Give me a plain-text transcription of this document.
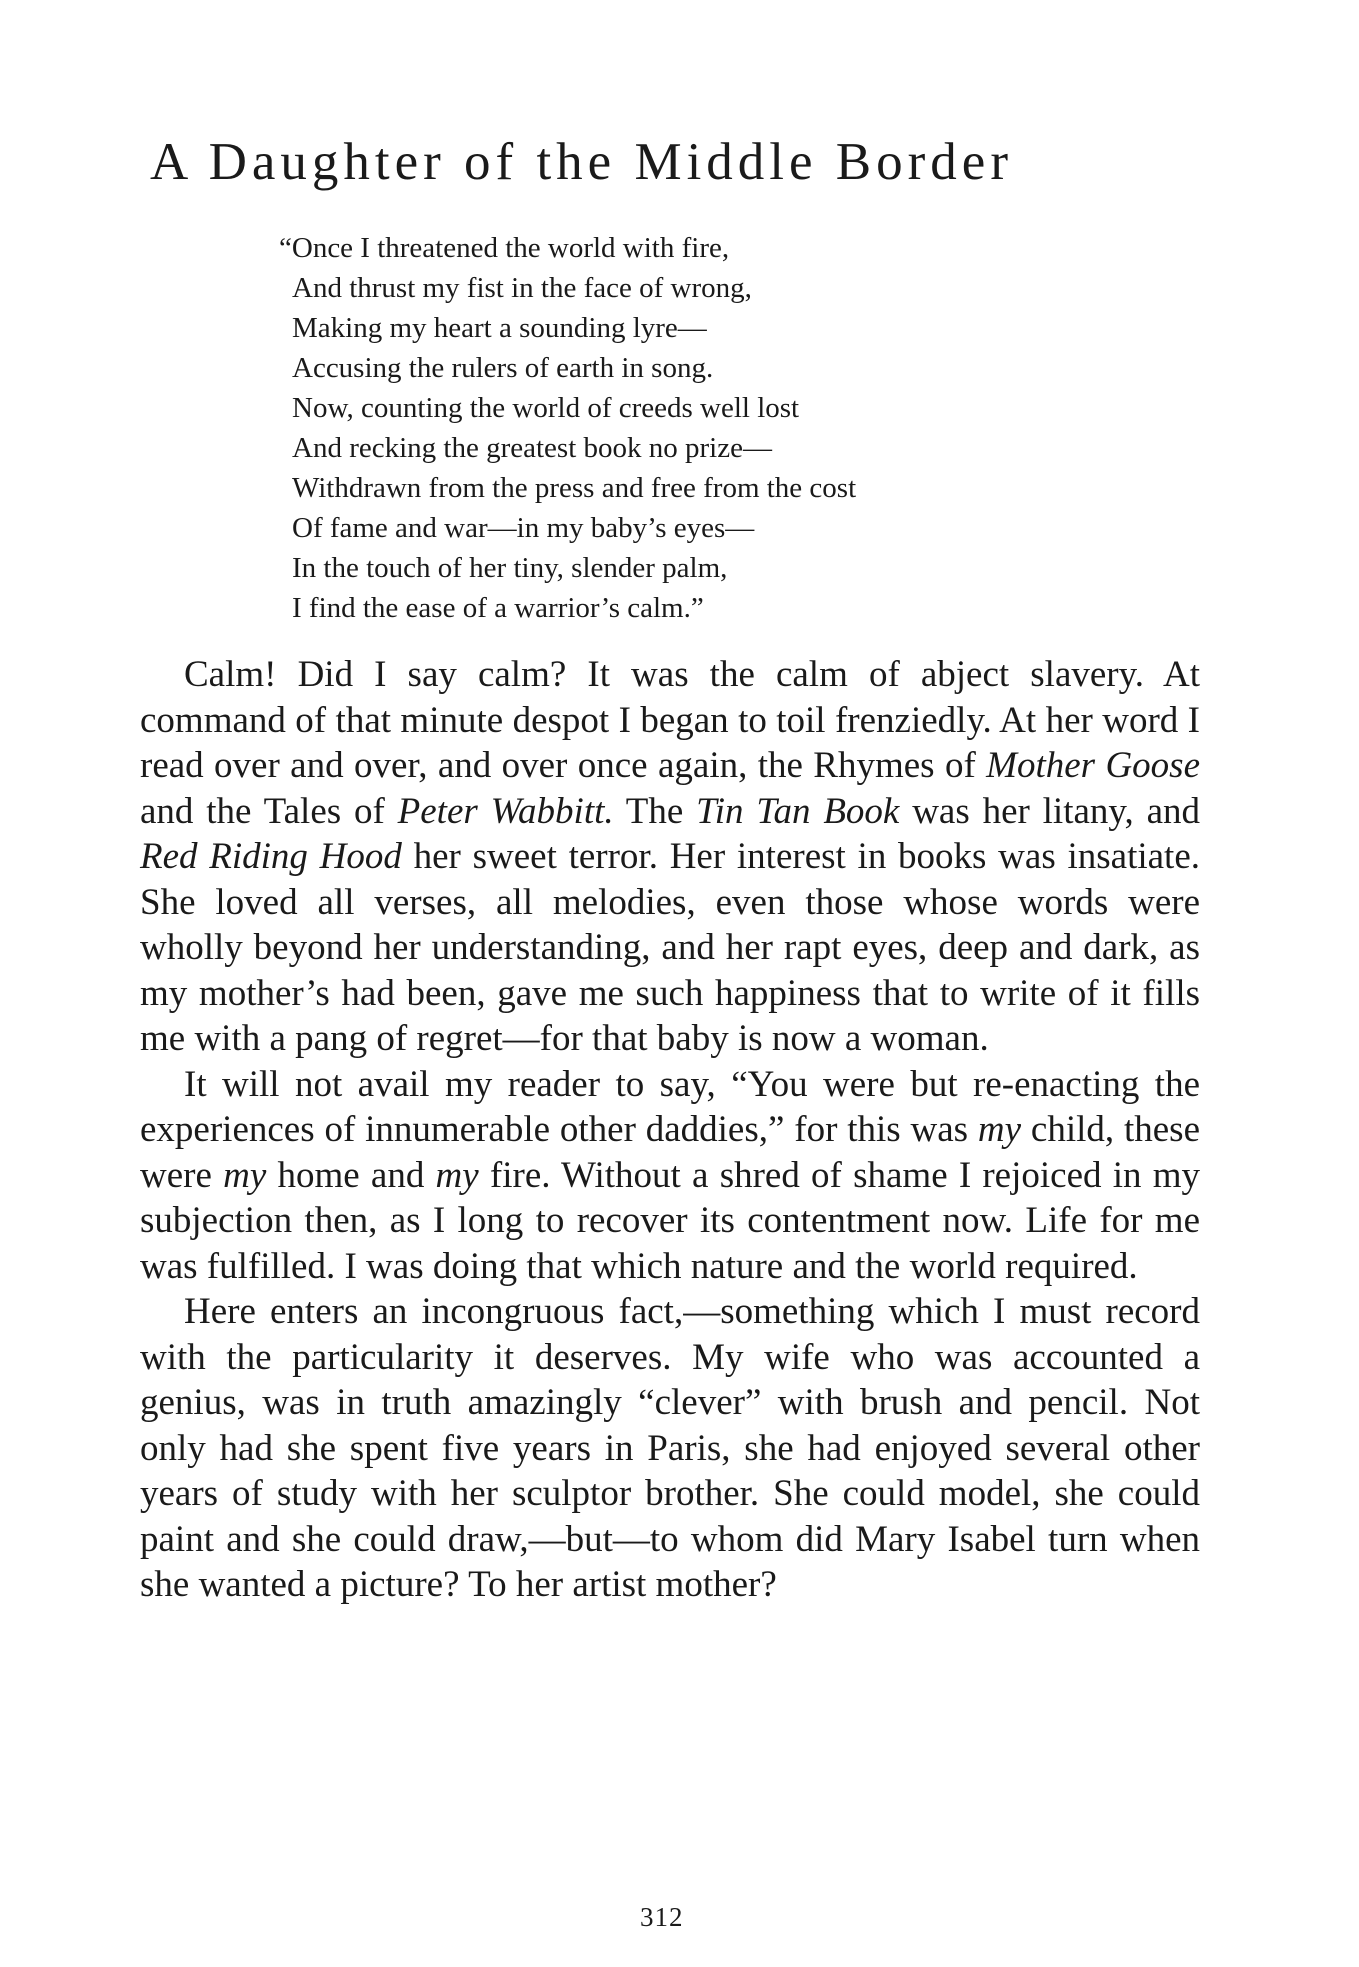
A Daughter of the Middle Border
“Once I threatened the world with fire,
And thrust my fist in the face of wrong,
Making my heart a sounding lyre—
Accusing the rulers of earth in song.
Now, counting the world of creeds well lost
And recking the greatest book no prize—
Withdrawn from the press and free from the cost
Of fame and war—in my baby’s eyes—
In the touch of her tiny, slender palm,
I find the ease of a warrior’s calm.”

Calm! Did I say calm? It was the calm of abject slavery. At command of that minute despot I began to toil frenziedly. At her word I read over and over, and over once again, the Rhymes of Mother Goose and the Tales of Peter Wabbitt. The Tin Tan Book was her litany, and Red Riding Hood her sweet terror. Her interest in books was insatiate. She loved all verses, all melodies, even those whose words were wholly beyond her understanding, and her rapt eyes, deep and dark, as my mother’s had been, gave me such happiness that to write of it fills me with a pang of regret—for that baby is now a woman.

It will not avail my reader to say, “You were but re-enacting the experiences of innumerable other daddies,” for this was my child, these were my home and my fire. Without a shred of shame I rejoiced in my subjection then, as I long to recover its contentment now. Life for me was fulfilled. I was doing that which nature and the world required.

Here enters an incongruous fact,—something which I must record with the particularity it deserves. My wife who was accounted a genius, was in truth amazingly “clever” with brush and pencil. Not only had she spent five years in Paris, she had enjoyed several other years of study with her sculptor brother. She could model, she could paint and she could draw,—but—to whom did Mary Isabel turn when she wanted a picture? To her artist mother?

312
